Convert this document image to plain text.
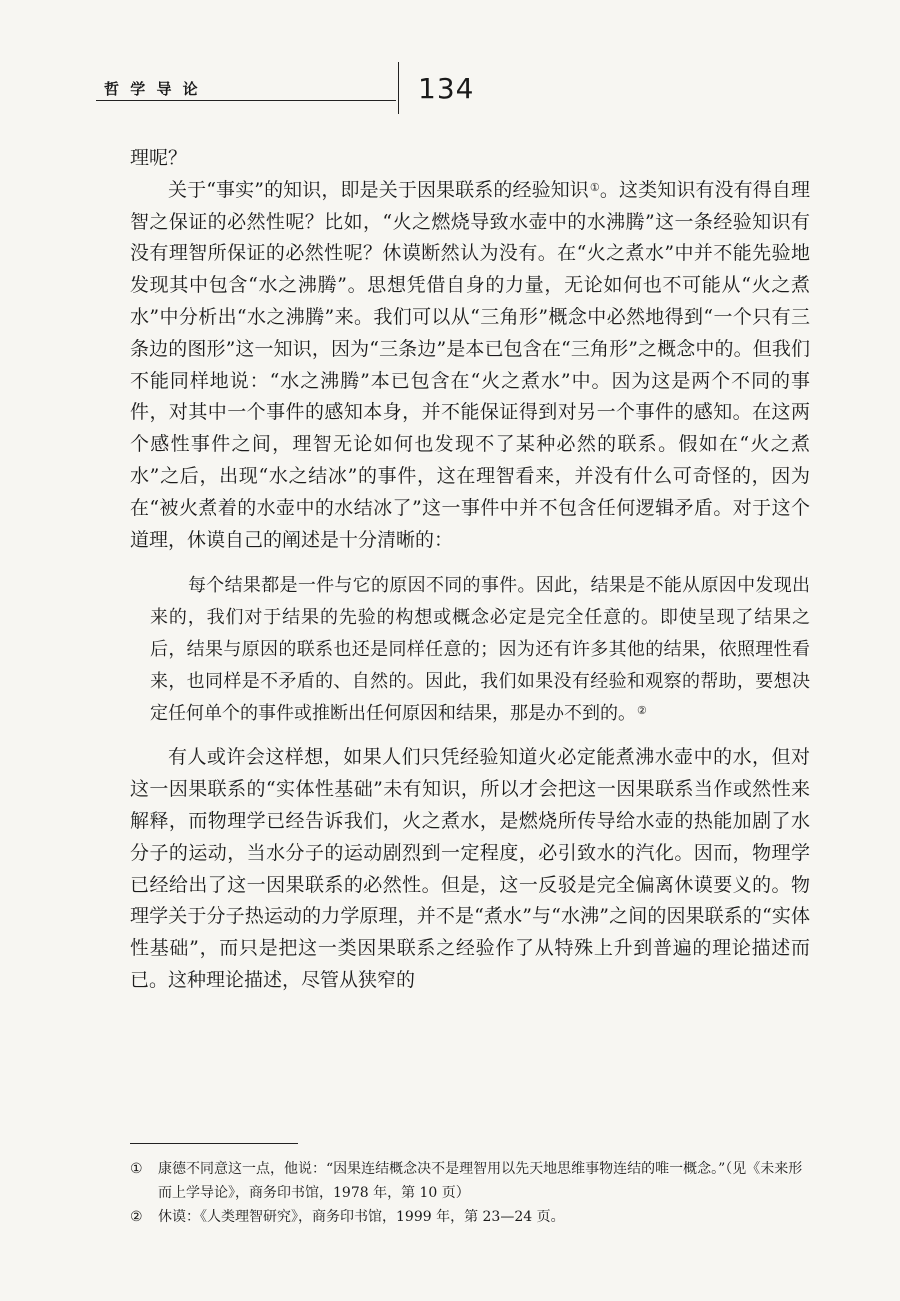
哲 学 导 论	134

理呢？

关于“事实”的知识，即是关于因果联系的经验知识①。这类知识有没有得自理智之保证的必然性呢？比如，“火之燃烧导致水壶中的水沸腾”这一条经验知识有没有理智所保证的必然性呢？休谟断然认为没有。在“火之煮水”中并不能先验地发现其中包含“水之沸腾”。思想凭借自身的力量，无论如何也不可能从“火之煮水”中分析出“水之沸腾”来。我们可以从“三角形”概念中必然地得到“一个只有三条边的图形”这一知识，因为“三条边”是本已包含在“三角形”之概念中的。但我们不能同样地说：“水之沸腾”本已包含在“火之煮水”中。因为这是两个不同的事件，对其中一个事件的感知本身，并不能保证得到对另一个事件的感知。在这两个感性事件之间，理智无论如何也发现不了某种必然的联系。假如在“火之煮水”之后，出现“水之结冰”的事件，这在理智看来，并没有什么可奇怪的，因为在“被火煮着的水壶中的水结冰了”这一事件中并不包含任何逻辑矛盾。对于这个道理，休谟自己的阐述是十分清晰的：

每个结果都是一件与它的原因不同的事件。因此，结果是不能从原因中发现出来的，我们对于结果的先验的构想或概念必定是完全任意的。即使呈现了结果之后，结果与原因的联系也还是同样任意的；因为还有许多其他的结果，依照理性看来，也同样是不矛盾的、自然的。因此，我们如果没有经验和观察的帮助，要想决定任何单个的事件或推断出任何原因和结果，那是办不到的。②

有人或许会这样想，如果人们只凭经验知道火必定能煮沸水壶中的水，但对这一因果联系的“实体性基础”未有知识，所以才会把这一因果联系当作或然性来解释，而物理学已经告诉我们，火之煮水，是燃烧所传导给水壶的热能加剧了水分子的运动，当水分子的运动剧烈到一定程度，必引致水的汽化。因而，物理学已经给出了这一因果联系的必然性。但是，这一反驳是完全偏离休谟要义的。物理学关于分子热运动的力学原理，并不是“煮水”与“水沸”之间的因果联系的“实体性基础”，而只是把这一类因果联系之经验作了从特殊上升到普遍的理论描述而已。这种理论描述，尽管从狭窄的

① 康德不同意这一点，他说：“因果连结概念决不是理智用以先天地思维事物连结的唯一概念。”（见《未来形而上学导论》，商务印书馆，1978 年，第 10 页）

② 休谟：《人类理智研究》，商务印书馆，1999 年，第 23—24 页。
